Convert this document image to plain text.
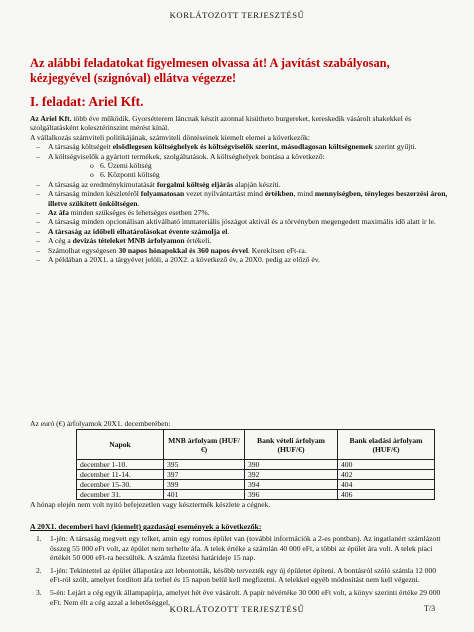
KORLÁTOZOTT TERJESZTÉSŰ
Az alábbi feladatokat figyelmesen olvassa át! A javítást szabályosan, kézjegyével (szignóval) ellátva végezze!
I. feladat: Ariel Kft.

Az Ariel Kft. több éve működik. Gyorsétterem láncnak készít azonnal kisütheto burgereket, kereskedik vásárolt shakekkel és szolgáltatásként kolesztérinszint mérést kínál.

A vállalkozás számviteli politikájának, számviteli döntéseinek kiemelt elemei a következők:

– A társaság költségeit elsődlegesen költséghelyek és költségviselők szerint, másodlagosan költségnemek szerint gyűjti.
– A költségviselők a gyártott termékek, szolgáltatások. A költséghelyek bontása a következő:
o 6. Üzemi költség
o 6. Központi költség
– A társaság az eredménykimutatását forgalmi költség eljárás alapján készíti.
– A társaság minden készletéről folyamatosan vezet nyilvántartást mind értékben, mind mennyiségben, tényleges beszerzési áron, illetve szűkített önköltségen.
– Az áfa minden szükséges és lehetséges esetben 27%.
– A társaság minden opcionálisan aktiválható immateriális jószágot aktivál és a törvényben megengedett maximális idő alatt ír le.
– A társaság az időbeli elhatárolásokat évente számolja el.
– A cég a devizás tételeket MNB árfolyamon értékeli.
– Számolhat egységesen 30 napos hónapokkal és 360 napos évvel. Kerekítsen eFt-ra.
– A példában a 20X1. a tárgyévet jelöli, a 20X2. a következő év, a 20X0. pedig az előző év.
Az euró (€) árfolyamok 20X1. decemberében:
Napok	MNB árfolyam (HUF/€)	Bank vételi árfolyam (HUF/€)	Bank eladási árfolyam (HUF/€)
december 1-10.	395	390	400
december 11-14.	397	392	402
december 15-30.	399	394	404
december 31.	401	396	406
A hónap elején nem volt nyitó befejezetlen vagy késztermék készlete a cégnek.
A 20X1. decemberi havi (kiemelt) gazdasági események a következők:
1. 1-jén: A társaság megvett egy telket, amin egy romos épület van (további információk a 2-es pontban). Az ingatlanért számlázott összeg 55 000 eFt volt, az épület nem terhelte áfa. A telek értéke a számlán 40 000 eFt, a többi az épület ára volt. A telek piaci értékét 50 000 eFt-ra becsülték. A számla fizetési határideje 15 nap.
2. 1-jén: Tekintettel az épület állapotára azt lebontották, később tervezték egy új épületet építeni. A bontásról szóló számla 12 000 eFt-ról szólt, amelyet fordított áfa terhel és 15 napon belül kell megfizetni. A telekkel egyéb módosítást nem kell végezni.
3. 5-én: Lejárt a cég egyik állampapírja, amelyet hét éve vásárolt. A papír névértéke 30 000 eFt volt, a könyv szerinti értéke 29 000 eFt. Nem élt a cég azzal a lehetőséggel,
KORLÁTOZOTT TERJESZTÉSŰ	T/3
